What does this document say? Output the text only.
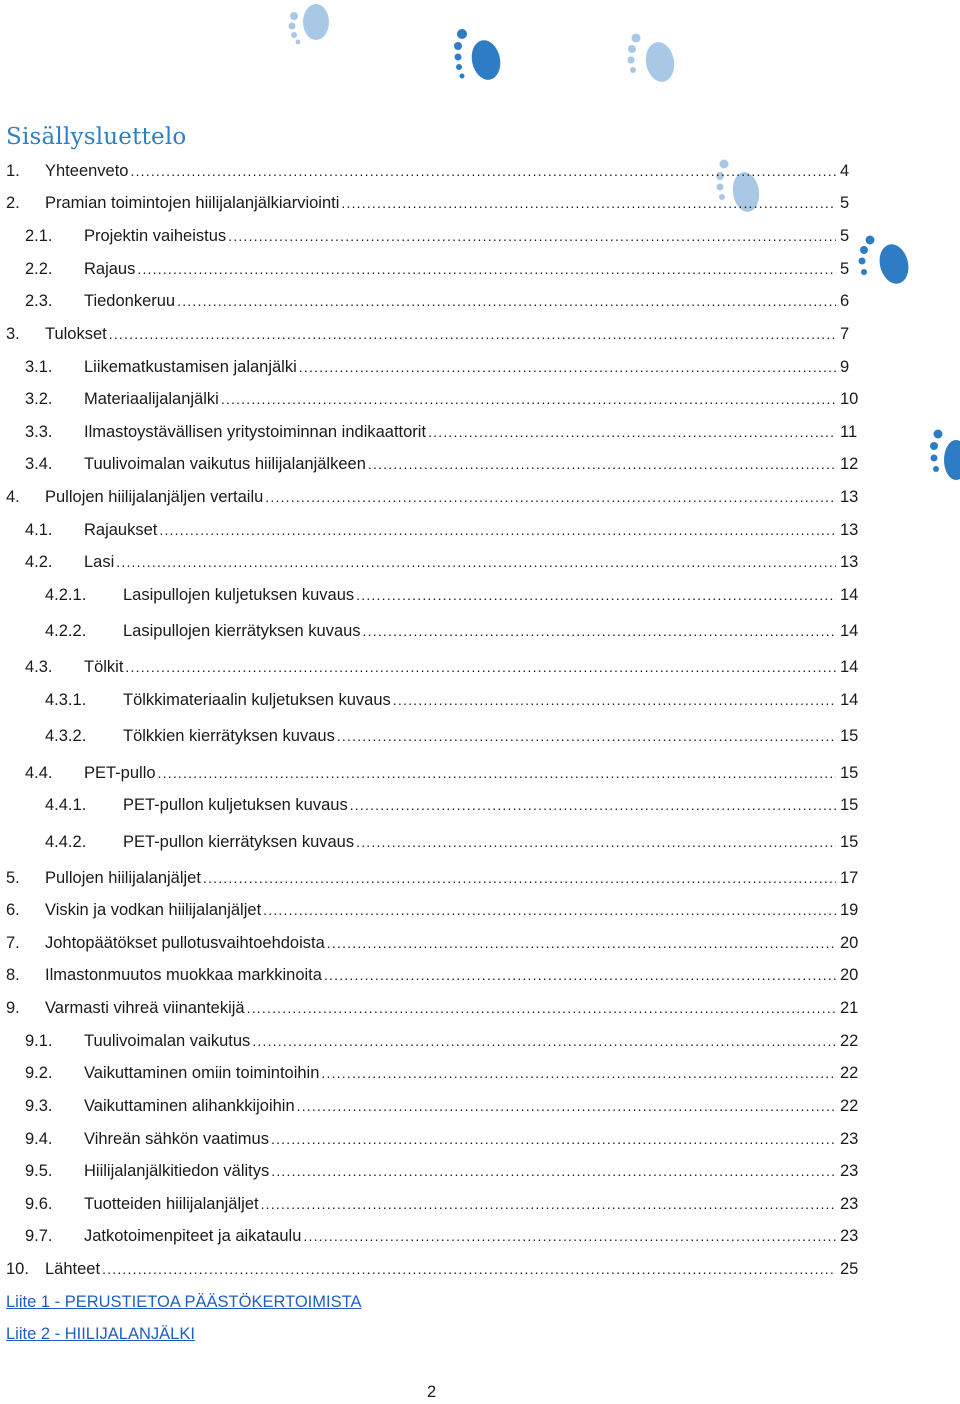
Sisällysluettelo
1. Yhteenveto .....	4
2. Pramian toimintojen hiilijalanjälkiarviointi .....	5
2.1. Projektin vaiheistus .....	5
2.2. Rajaus .....	5
2.3. Tiedonkeruu .....	6
3. Tulokset .....	7
3.1. Liikematkustamisen jalanjälki .....	9
3.2. Materiaalijalanjälki .....	10
3.3. Ilmastoystävällisen yritystoiminnan indikaattorit .....	11
3.4. Tuulivoimalan vaikutus hiilijalanjälkeen .....	12
4. Pullojen hiilijalanjäljen vertailu .....	13
4.1. Rajaukset .....	13
4.2. Lasi .....	13
4.2.1. Lasipullojen kuljetuksen kuvaus .....	14
4.2.2. Lasipullojen kierrätyksen kuvaus .....	14
4.3. Tölkit .....	14
4.3.1. Tölkkimateriaalin kuljetuksen kuvaus .....	14
4.3.2. Tölkkien kierrätyksen kuvaus .....	15
4.4. PET-pullo .....	15
4.4.1. PET-pullon kuljetuksen kuvaus .....	15
4.4.2. PET-pullon kierrätyksen kuvaus .....	15
5. Pullojen hiilijalanjäljet .....	17
6. Viskin ja vodkan hiilijalanjäljet .....	19
7. Johtopäätökset pullotusvaihtoehdoista .....	20
8. Ilmastonmuutos muokkaa markkinoita .....	20
9. Varmasti vihreä viinantekijä .....	21
9.1. Tuulivoimalan vaikutus .....	22
9.2. Vaikuttaminen omiin toimintoihin .....	22
9.3. Vaikuttaminen alihankkijoihin .....	22
9.4. Vihreän sähkön vaatimus .....	23
9.5. Hiilijalanjälkitiedon välitys .....	23
9.6. Tuotteiden hiilijalanjäljet .....	23
9.7. Jatkotoimenpiteet ja aikataulu .....	23
10. Lähteet .....	25
Liite 1 - PERUSTIETOA PÄÄSTÖKERTOIMISTA
Liite 2 - HIILIJALANJÄLKI
2
